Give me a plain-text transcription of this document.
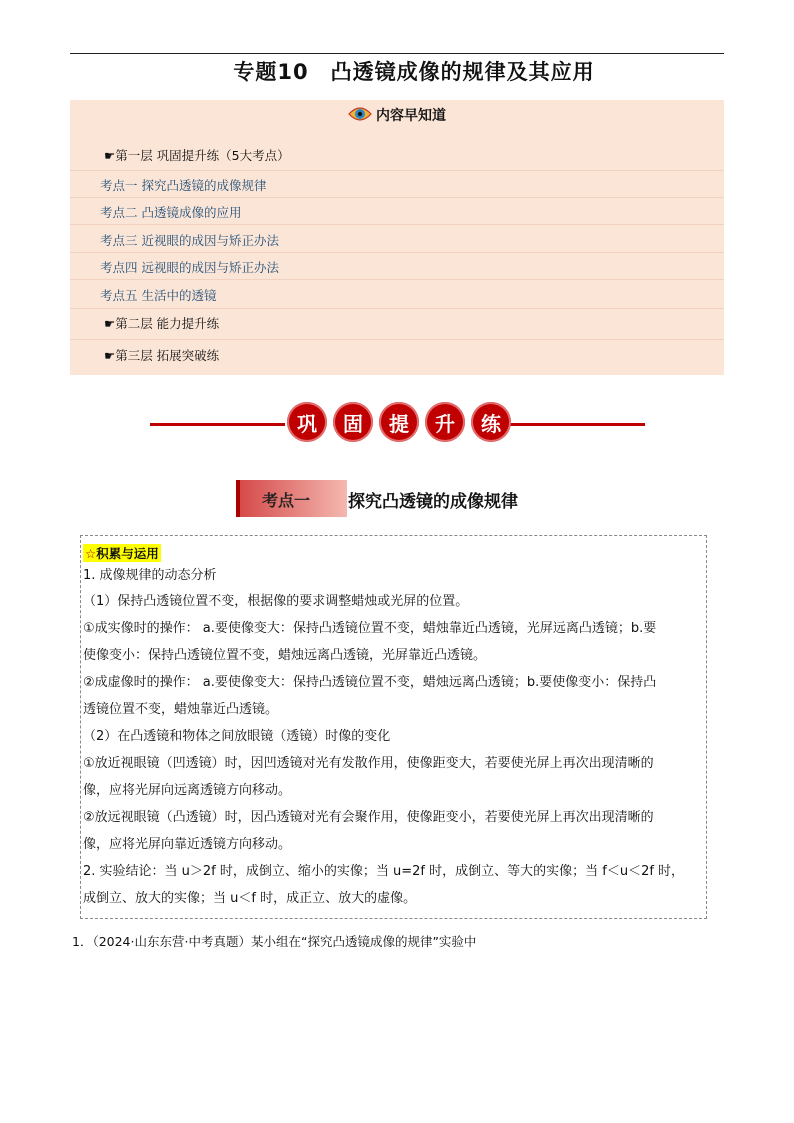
专题10　凸透镜成像的规律及其应用
内容早知道
☛第一层 巩固提升练（5大考点）
考点一 探究凸透镜的成像规律
考点二 凸透镜成像的应用
考点三 近视眼的成因与矫正办法
考点四 远视眼的成因与矫正办法
考点五 生活中的透镜
☛第二层 能力提升练
☛第三层 拓展突破练
巩	固	提	升	练
考点一 探究凸透镜的成像规律
☆积累与运用
1. 成像规律的动态分析
（1）保持凸透镜位置不变，根据像的要求调整蜡烛或光屏的位置。
①成实像时的操作： a.要使像变大：保持凸透镜位置不变，蜡烛靠近凸透镜，光屏远离凸透镜；b.要
使像变小：保持凸透镜位置不变，蜡烛远离凸透镜，光屏靠近凸透镜。
②成虚像时的操作： a.要使像变大：保持凸透镜位置不变，蜡烛远离凸透镜；b.要使像变小：保持凸
透镜位置不变，蜡烛靠近凸透镜。
（2）在凸透镜和物体之间放眼镜（透镜）时像的变化
①放近视眼镜（凹透镜）时，因凹透镜对光有发散作用，使像距变大，若要使光屏上再次出现清晰的
像，应将光屏向远离透镜方向移动。
②放远视眼镜（凸透镜）时，因凸透镜对光有会聚作用，使像距变小，若要使光屏上再次出现清晰的
像，应将光屏向靠近透镜方向移动。
2. 实验结论：当 u＞2f 时，成倒立、缩小的实像；当 u=2f 时，成倒立、等大的实像；当 f＜u＜2f 时，
成倒立、放大的实像；当 u＜f 时，成正立、放大的虚像。
1．（2024·山东东营·中考真题）某小组在“探究凸透镜成像的规律”实验中
